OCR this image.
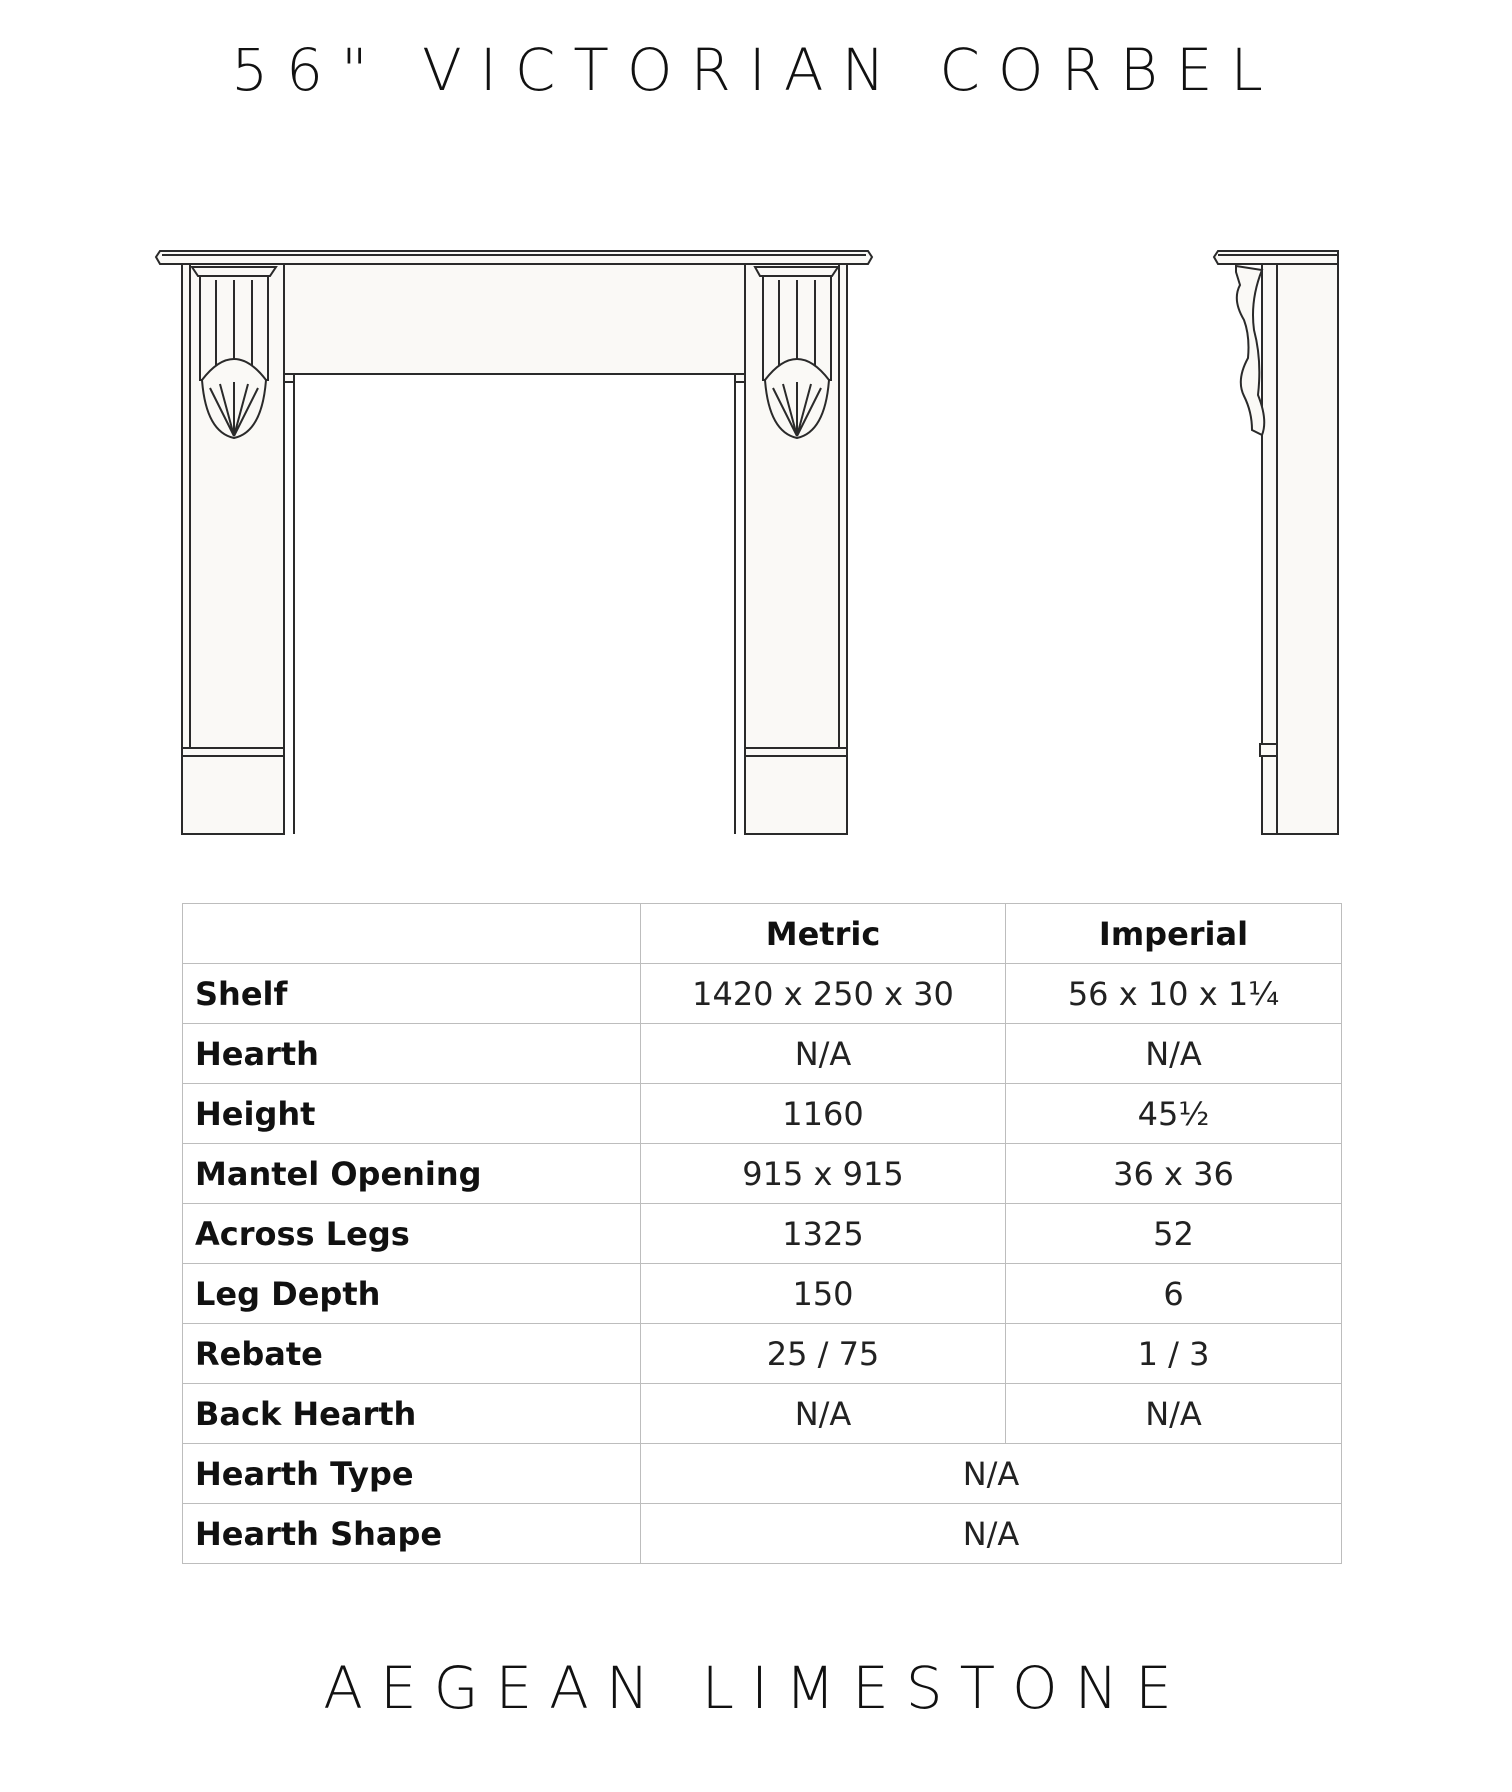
56" VICTORIAN CORBEL
	Metric	Imperial
Shelf	1420 x 250 x 30	56 x 10 x 1¼
Hearth	N/A	N/A
Height	1160	45½
Mantel Opening	915 x 915	36 x 36
Across Legs	1325	52
Leg Depth	150	6
Rebate	25 / 75	1 / 3
Back Hearth	N/A	N/A
Hearth Type	N/A	
Hearth Shape	N/A	
AEGEAN LIMESTONE
